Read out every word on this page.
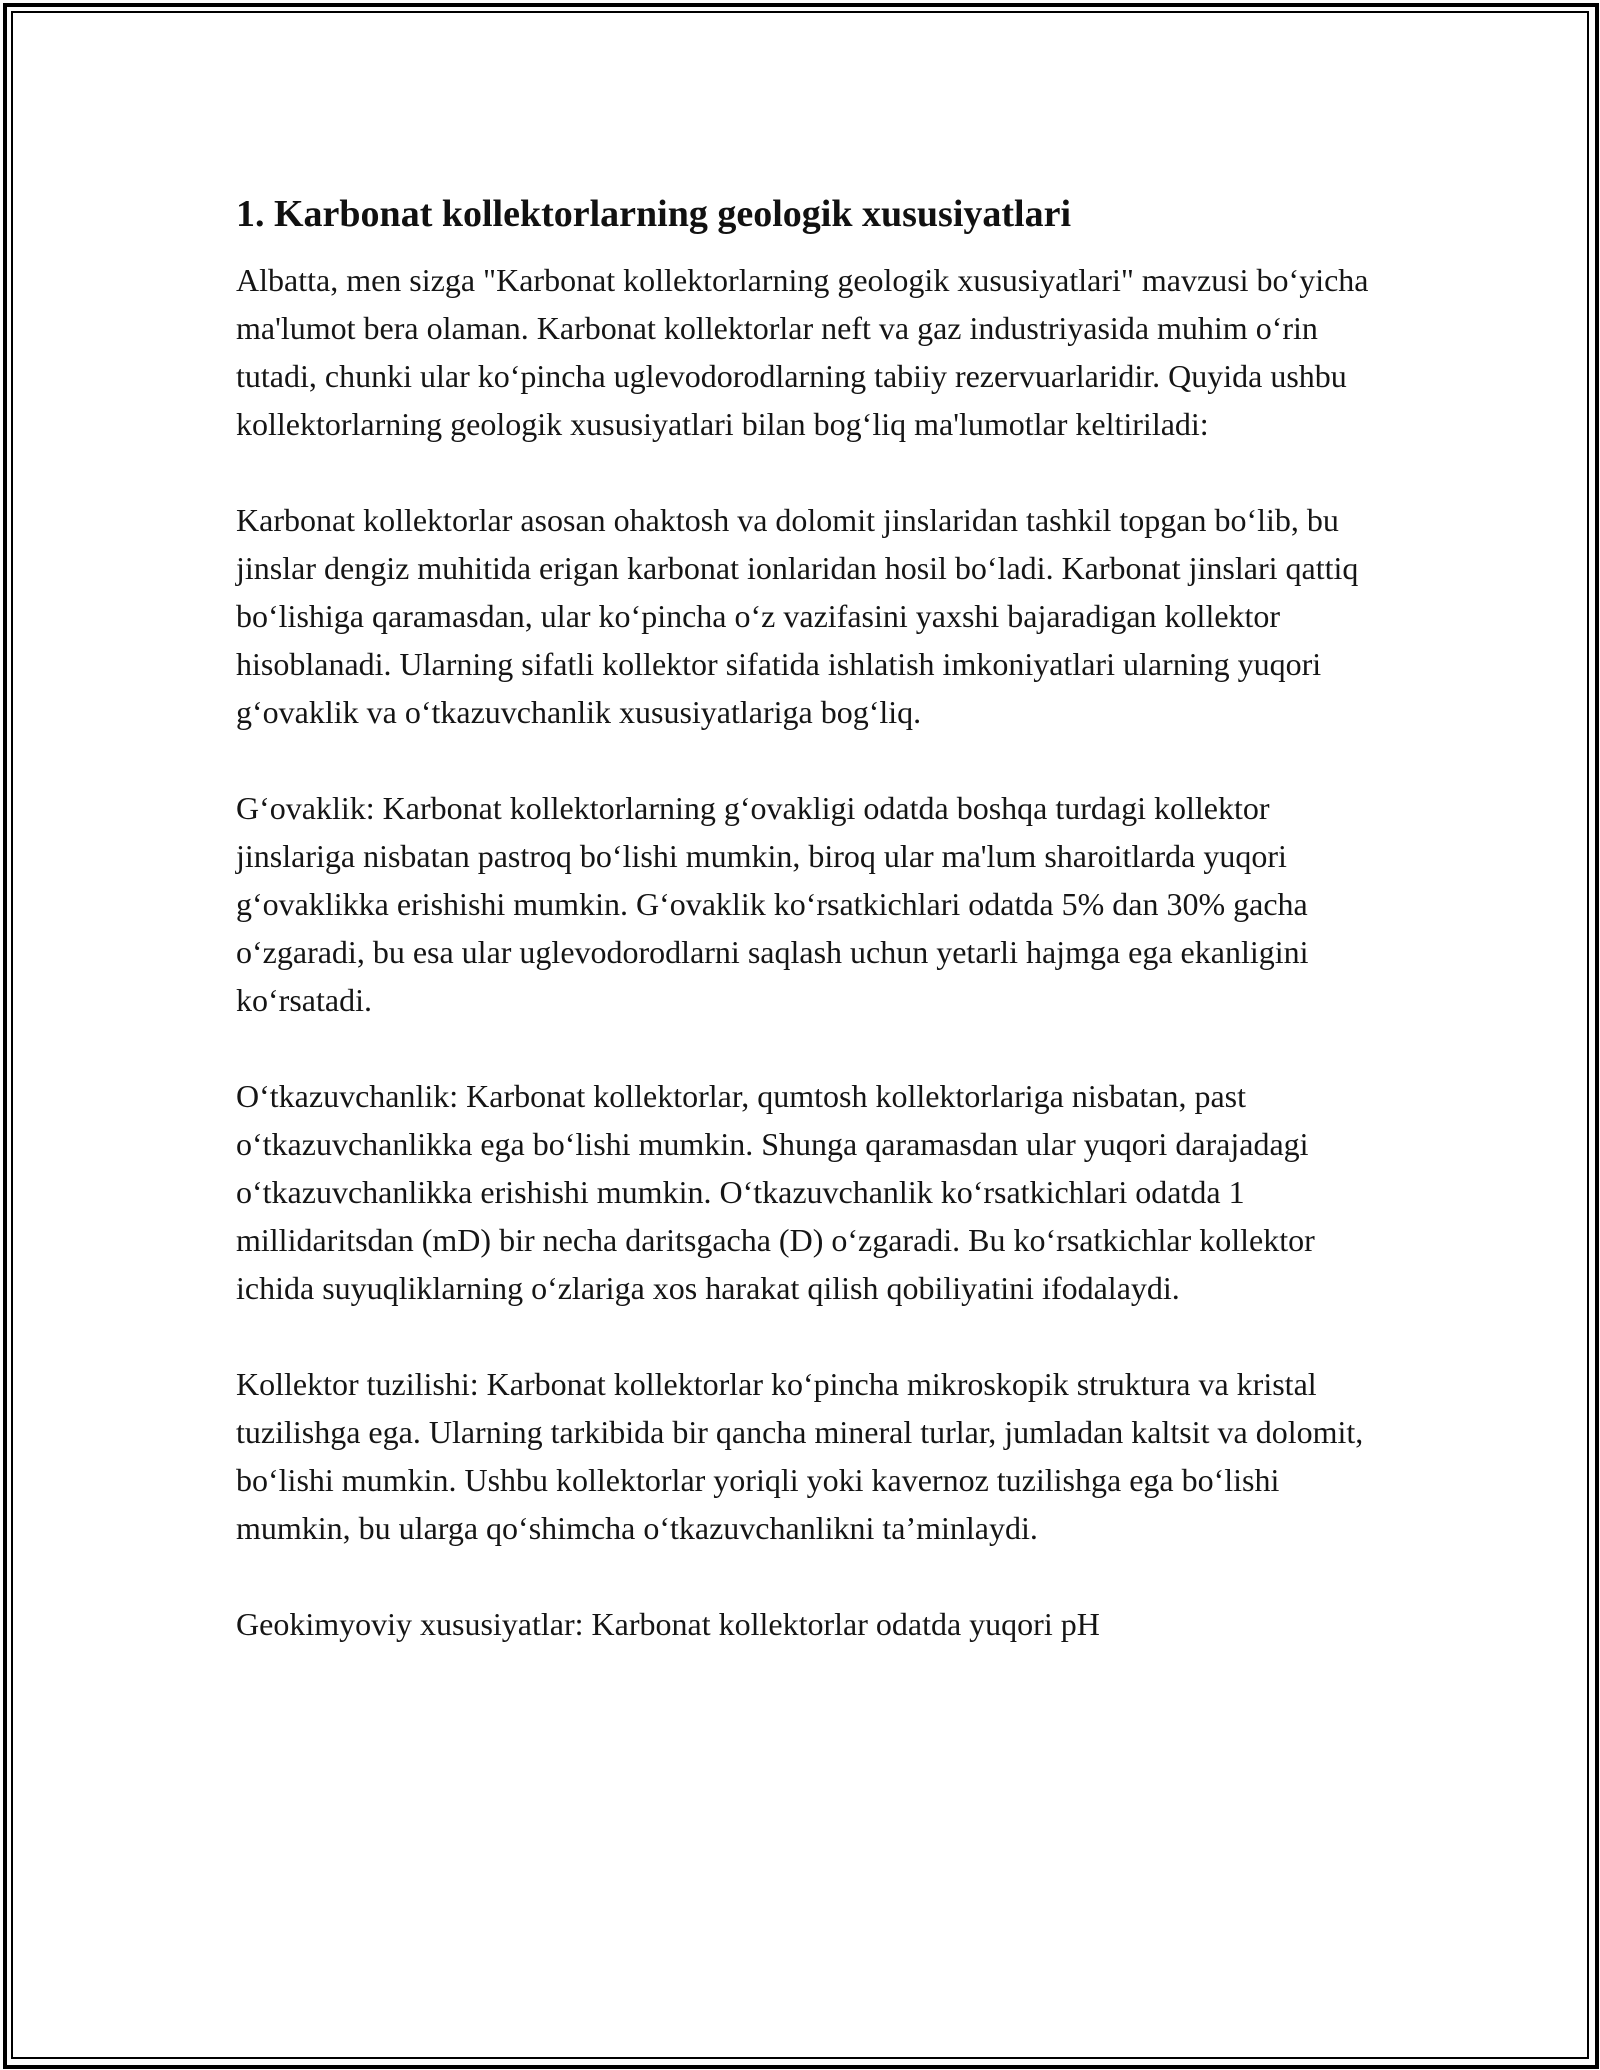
1. Karbonat kollektorlarning geologik xususiyatlari

Albatta, men sizga "Karbonat kollektorlarning geologik xususiyatlari" mavzusi boʻyicha ma'lumot bera olaman. Karbonat kollektorlar neft va gaz industriyasida muhim oʻrin tutadi, chunki ular koʻpincha uglevodorodlarning tabiiy rezervuarlaridir. Quyida ushbu kollektorlarning geologik xususiyatlari bilan bogʻliq ma'lumotlar keltiriladi:

Karbonat kollektorlar asosan ohaktosh va dolomit jinslaridan tashkil topgan boʻlib, bu jinslar dengiz muhitida erigan karbonat ionlaridan hosil boʻladi. Karbonat jinslari qattiq boʻlishiga qaramasdan, ular koʻpincha oʻz vazifasini yaxshi bajaradigan kollektor hisoblanadi. Ularning sifatli kollektor sifatida ishlatish imkoniyatlari ularning yuqori gʻovaklik va oʻtkazuvchanlik xususiyatlariga bogʻliq.

Gʻovaklik: Karbonat kollektorlarning gʻovakligi odatda boshqa turdagi kollektor jinslariga nisbatan pastroq boʻlishi mumkin, biroq ular ma'lum sharoitlarda yuqori gʻovaklikka erishishi mumkin. Gʻovaklik koʻrsatkichlari odatda 5% dan 30% gacha oʻzgaradi, bu esa ular uglevodorodlarni saqlash uchun yetarli hajmga ega ekanligini koʻrsatadi.

Oʻtkazuvchanlik: Karbonat kollektorlar, qumtosh kollektorlariga nisbatan, past oʻtkazuvchanlikka ega boʻlishi mumkin. Shunga qaramasdan ular yuqori darajadagi oʻtkazuvchanlikka erishishi mumkin. Oʻtkazuvchanlik koʻrsatkichlari odatda 1 millidaritsdan (mD) bir necha daritsgacha (D) oʻzgaradi. Bu koʻrsatkichlar kollektor ichida suyuqliklarning oʻzlariga xos harakat qilish qobiliyatini ifodalaydi.

Kollektor tuzilishi: Karbonat kollektorlar koʻpincha mikroskopik struktura va kristal tuzilishga ega. Ularning tarkibida bir qancha mineral turlar, jumladan kaltsit va dolomit, boʻlishi mumkin. Ushbu kollektorlar yoriqli yoki kavernoz tuzilishga ega boʻlishi mumkin, bu ularga qoʻshimcha oʻtkazuvchanlikni taʼminlaydi.

Geokimyoviy xususiyatlar: Karbonat kollektorlar odatda yuqori pH
